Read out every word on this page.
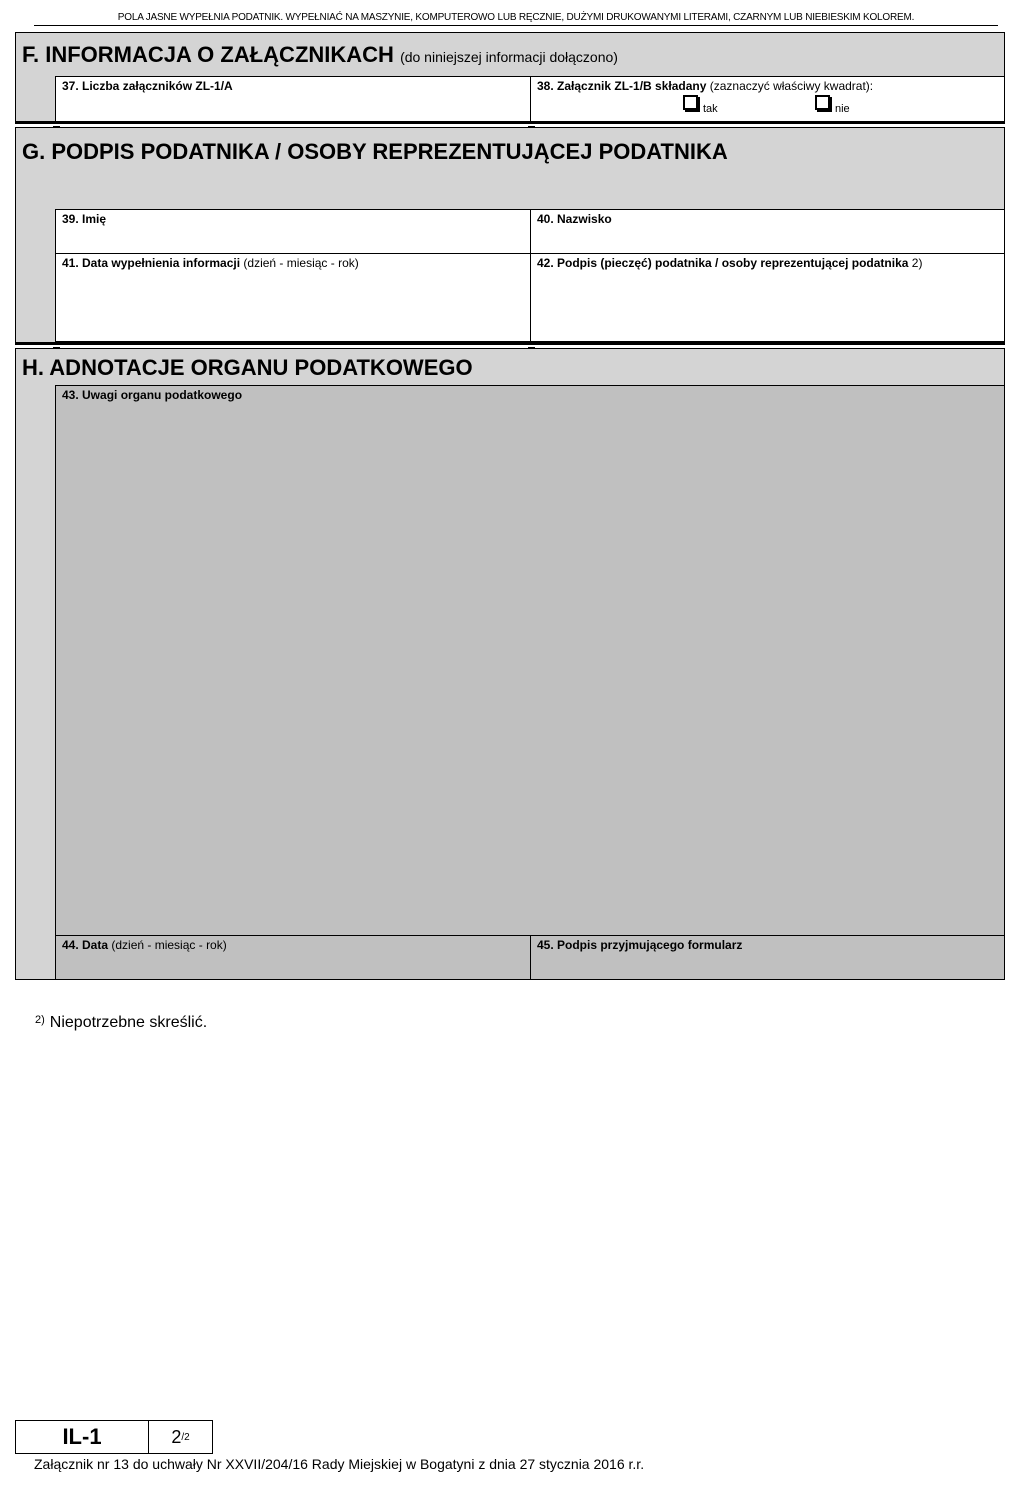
POLA JASNE WYPEŁNIA PODATNIK. WYPEŁNIAĆ NA MASZYNIE, KOMPUTEROWO LUB RĘCZNIE, DUŻYMI DRUKOWANYMI LITERAMI, CZARNYM LUB NIEBIESKIM KOLOREM.
F. INFORMACJA O ZAŁĄCZNIKACH (do niniejszej informacji dołączono)
37. Liczba załączników ZL-1/A	38. Załącznik ZL-1/B składany (zaznaczyć właściwy kwadrat):
tak	nie
G. PODPIS PODATNIKA / OSOBY REPREZENTUJĄCEJ PODATNIKA
39. Imię	40. Nazwisko
41. Data wypełnienia informacji (dzień - miesiąc - rok)	42. Podpis (pieczęć) podatnika / osoby reprezentującej podatnika 2)
H. ADNOTACJE ORGANU PODATKOWEGO
43. Uwagi organu podatkowego
44. Data (dzień - miesiąc - rok)	45. Podpis przyjmującego formularz
$^{2)}$ Niepotrzebne skreślić.
IL-1	2 /2
Załącznik nr 13 do uchwały Nr XXVII/204/16 Rady Miejskiej w Bogatyni z dnia 27 stycznia 2016 r.r.
